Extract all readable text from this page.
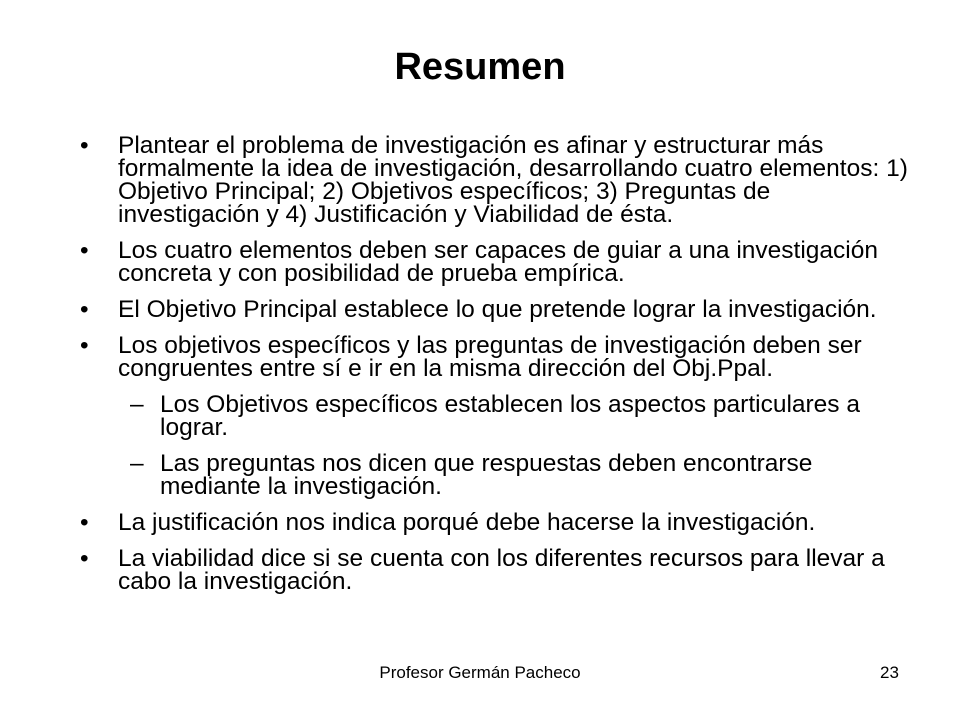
Resumen
• Plantear el problema de investigación es afinar y estructurar más formalmente la idea de investigación, desarrollando cuatro elementos: 1) Objetivo Principal; 2) Objetivos específicos; 3) Preguntas de investigación y 4) Justificación y Viabilidad de ésta.
• Los cuatro elementos deben ser capaces de guiar a una investigación concreta y con posibilidad de prueba empírica.
• El Objetivo Principal establece lo que pretende lograr la investigación.
• Los objetivos específicos y las preguntas de investigación deben ser congruentes entre sí e ir en la misma dirección del Obj.Ppal.
– Los Objetivos específicos establecen los aspectos particulares a lograr.
– Las preguntas nos dicen que respuestas deben encontrarse mediante la investigación.
• La justificación nos indica porqué debe hacerse la investigación.
• La viabilidad dice si se cuenta con los diferentes recursos para llevar a cabo la investigación.
Profesor Germán Pacheco	23
